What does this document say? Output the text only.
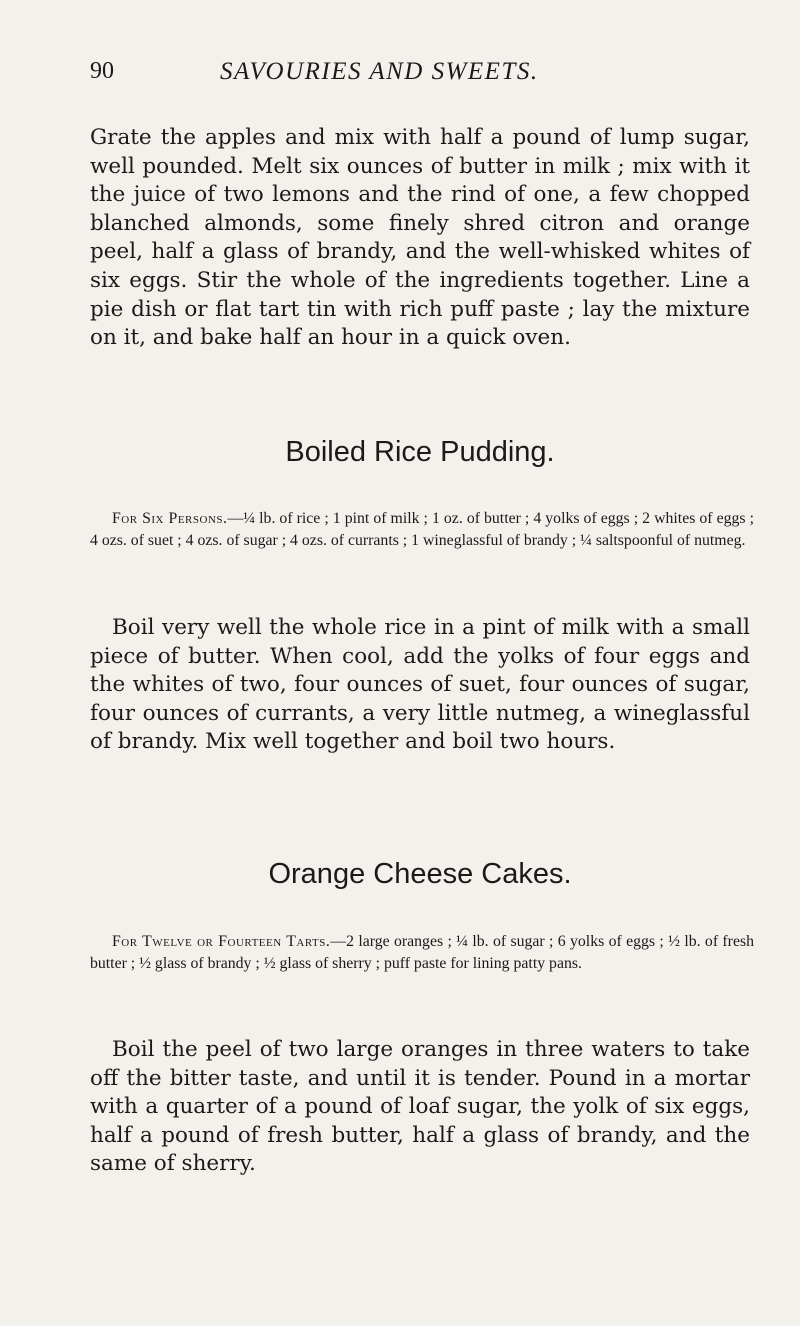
90	SAVOURIES AND SWEETS.

Grate the apples and mix with half a pound of lump sugar, well pounded. Melt six ounces of butter in milk ; mix with it the juice of two lemons and the rind of one, a few chopped blanched almonds, some finely shred citron and orange peel, half a glass of brandy, and the well-whisked whites of six eggs. Stir the whole of the ingredients together. Line a pie dish or flat tart tin with rich puff paste ; lay the mixture on it, and bake half an hour in a quick oven.

Boiled Rice Pudding.

For Six Persons.—¼ lb. of rice ; 1 pint of milk ; 1 oz. of butter ; 4 yolks of eggs ; 2 whites of eggs ; 4 ozs. of suet ; 4 ozs. of sugar ; 4 ozs. of currants ; 1 wineglassful of brandy ; ¼ saltspoonful of nutmeg.

Boil very well the whole rice in a pint of milk with a small piece of butter. When cool, add the yolks of four eggs and the whites of two, four ounces of suet, four ounces of sugar, four ounces of currants, a very little nutmeg, a wineglassful of brandy. Mix well together and boil two hours.

Orange Cheese Cakes.

For Twelve or Fourteen Tarts.—2 large oranges ; ¼ lb. of sugar ; 6 yolks of eggs ; ½ lb. of fresh butter ; ½ glass of brandy ; ½ glass of sherry ; puff paste for lining patty pans.

Boil the peel of two large oranges in three waters to take off the bitter taste, and until it is tender. Pound in a mortar with a quarter of a pound of loaf sugar, the yolk of six eggs, half a pound of fresh butter, half a glass of brandy, and the same of sherry.
